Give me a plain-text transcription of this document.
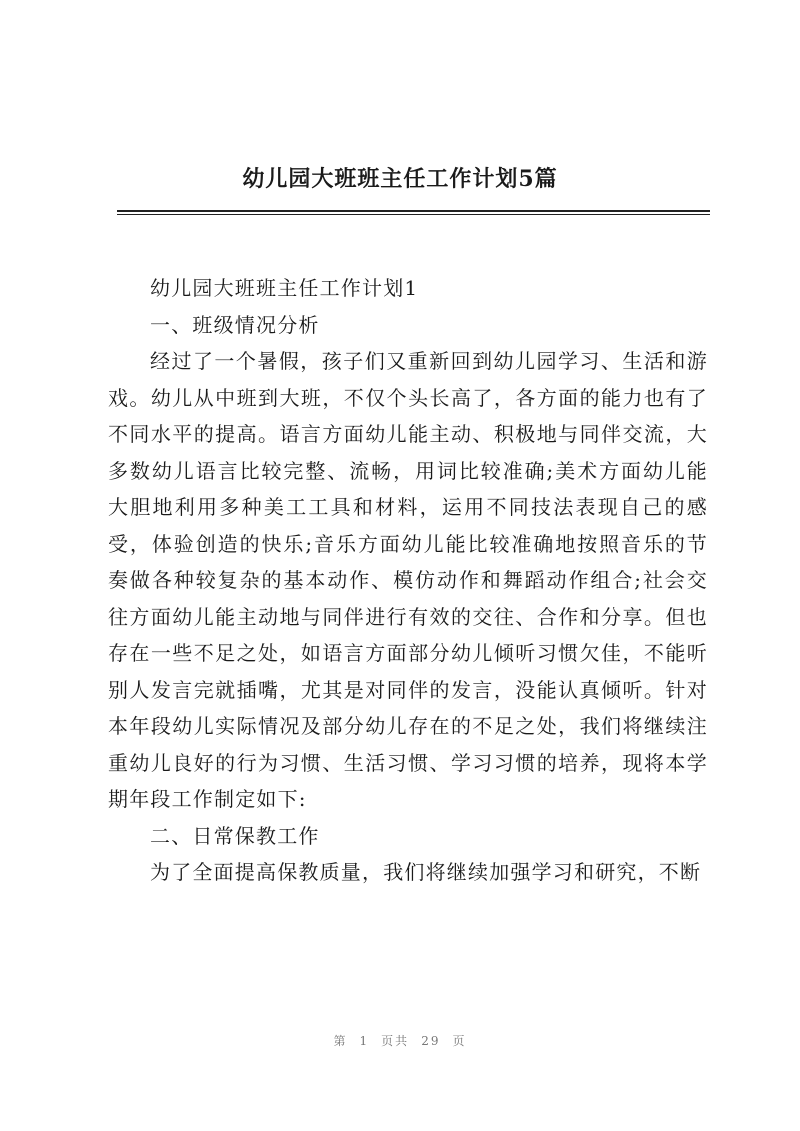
幼儿园大班班主任工作计划5篇

幼儿园大班班主任工作计划1

一、班级情况分析

经过了一个暑假，孩子们又重新回到幼儿园学习、生活和游戏。幼儿从中班到大班，不仅个头长高了，各方面的能力也有了不同水平的提高。语言方面幼儿能主动、积极地与同伴交流，大多数幼儿语言比较完整、流畅，用词比较准确;美术方面幼儿能大胆地利用多种美工工具和材料，运用不同技法表现自己的感受，体验创造的快乐;音乐方面幼儿能比较准确地按照音乐的节奏做各种较复杂的基本动作、模仿动作和舞蹈动作组合;社会交往方面幼儿能主动地与同伴进行有效的交往、合作和分享。但也存在一些不足之处，如语言方面部分幼儿倾听习惯欠佳，不能听别人发言完就插嘴，尤其是对同伴的发言，没能认真倾听。针对本年段幼儿实际情况及部分幼儿存在的不足之处，我们将继续注重幼儿良好的行为习惯、生活习惯、学习习惯的培养，现将本学期年段工作制定如下:

二、日常保教工作

为了全面提高保教质量，我们将继续加强学习和研究，不断

第 1 页共 29 页
